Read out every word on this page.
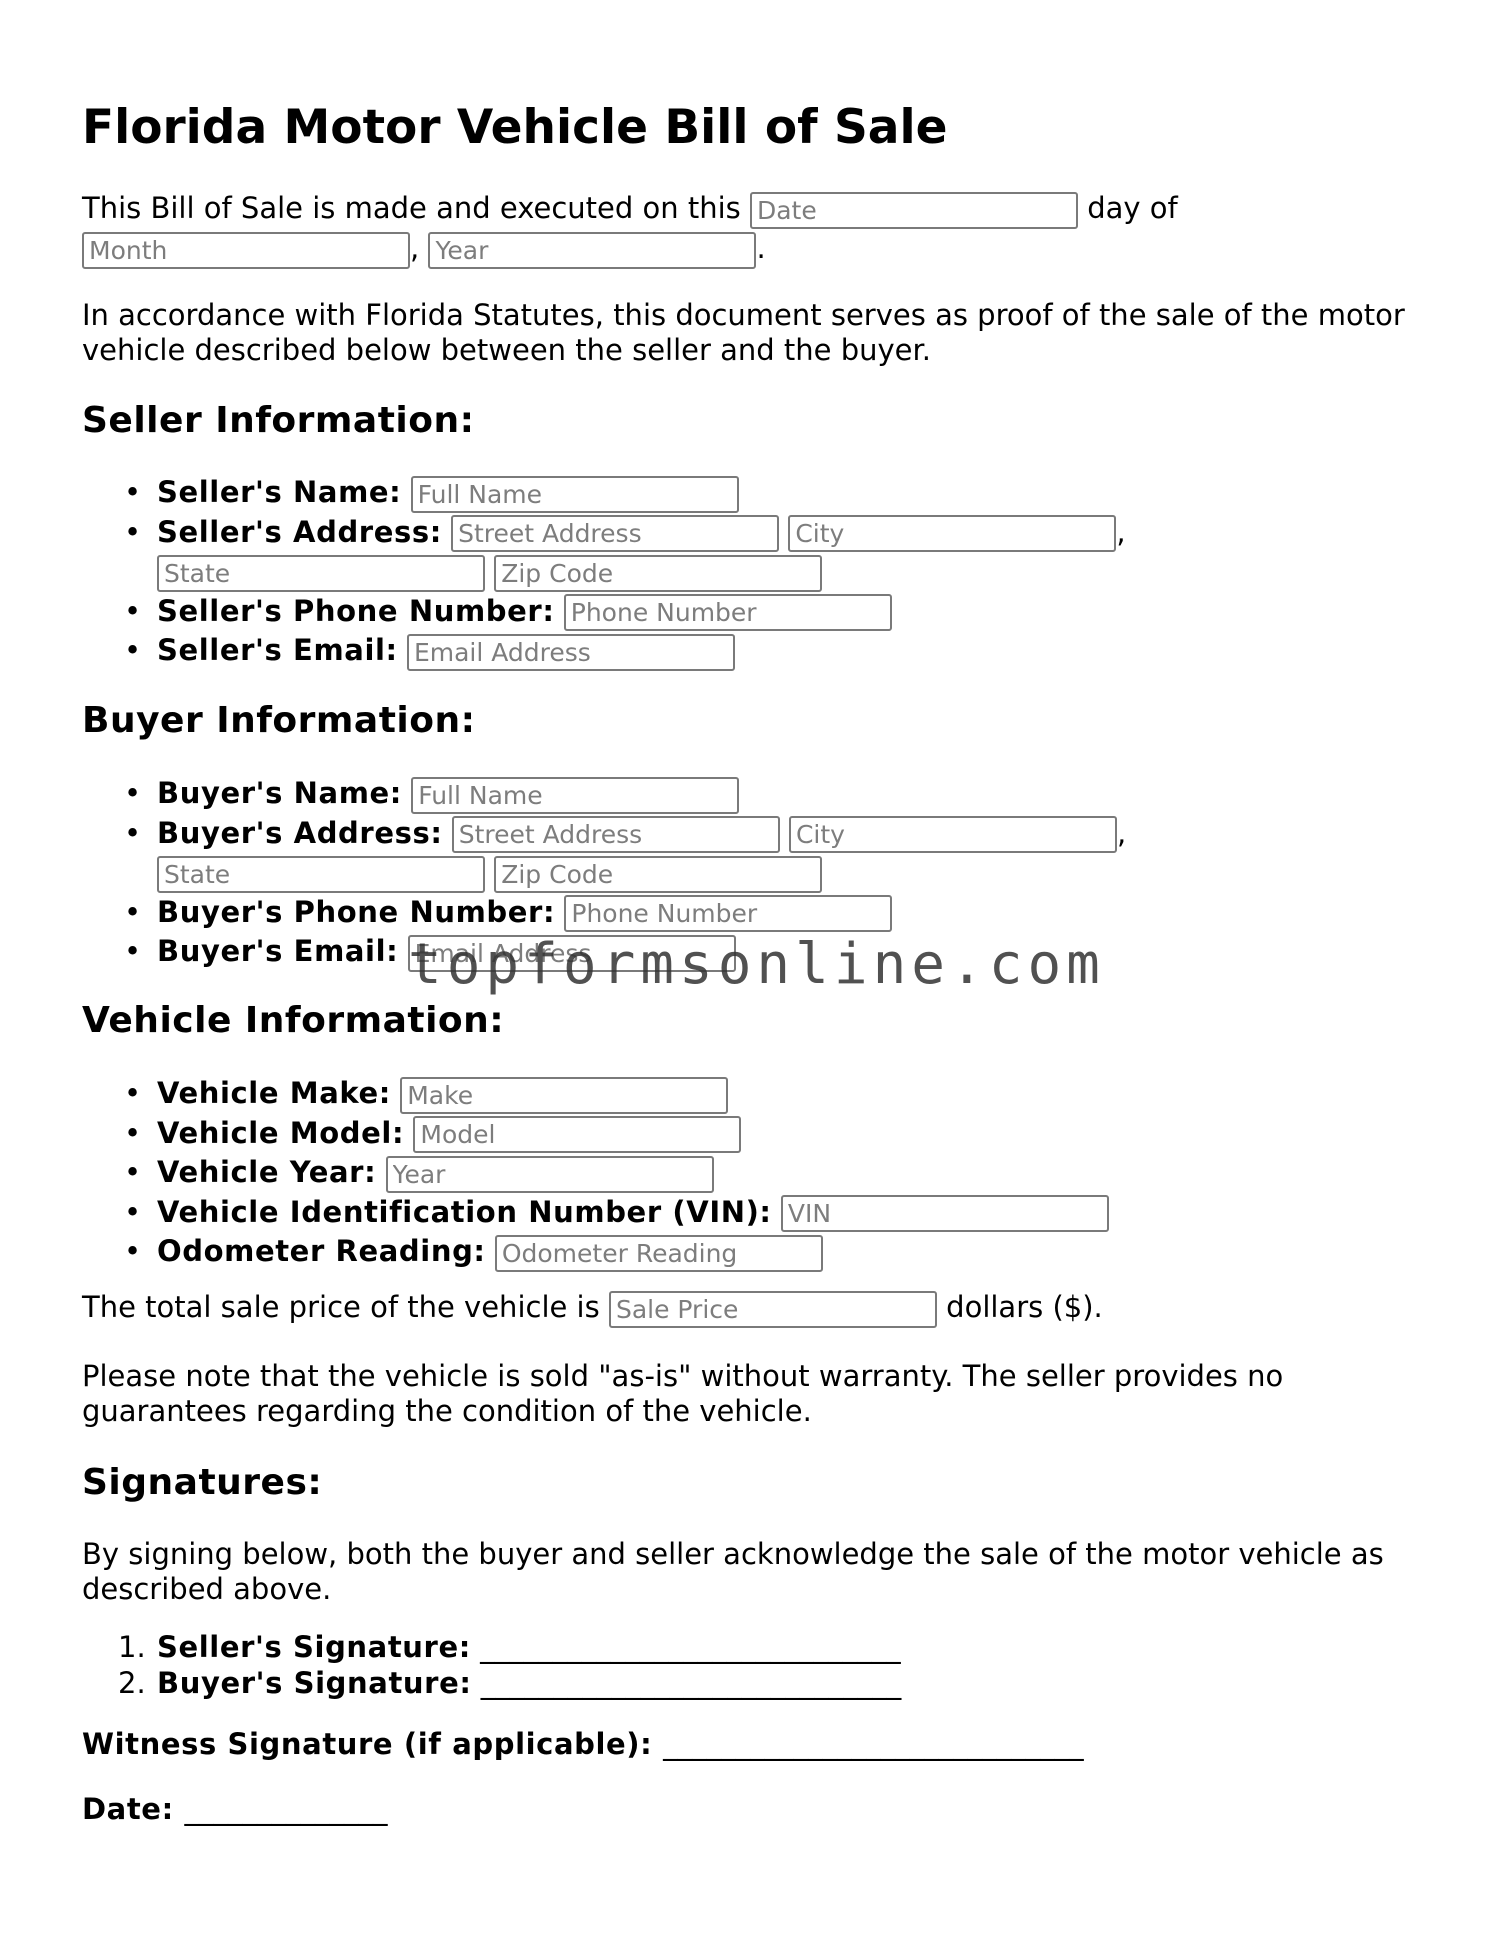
Florida Motor Vehicle Bill of Sale
This Bill of Sale is made and executed on this Date	day of
Month, Year	.

In accordance with Florida Statutes, this document serves as proof of the sale of the motor vehicle described below between the seller and the buyer.

Seller Information:
• Seller's Name: Full Name
• Seller's Address: Street Address City	,
State Zip Code
• Seller's Phone Number: Phone Number
• Seller's Email: Email Address
Buyer Information:
• Buyer's Name: Full Name
• Buyer's Address: Street Address City	,
State Zip Code
• Buyer's Phone Number: Phone Number
• Buyer's Email: Email Address
Vehicle Information:
• Vehicle Make: Make
• Vehicle Model: Model
• Vehicle Year: Year
• Vehicle Identification Number (VIN): VIN
• Odometer Reading: Odometer Reading
The total sale price of the vehicle is Sale Price	dollars ($).

Please note that the vehicle is sold "as-is" without warranty. The seller provides no guarantees regarding the condition of the vehicle.

Signatures:

By signing below, both the buyer and seller acknowledge the sale of the motor vehicle as described above.

1. Seller's Signature: _____________________________
2. Buyer's Signature: _____________________________
Witness Signature (if applicable): _____________________________
Date: ______________
topformsonline.com
